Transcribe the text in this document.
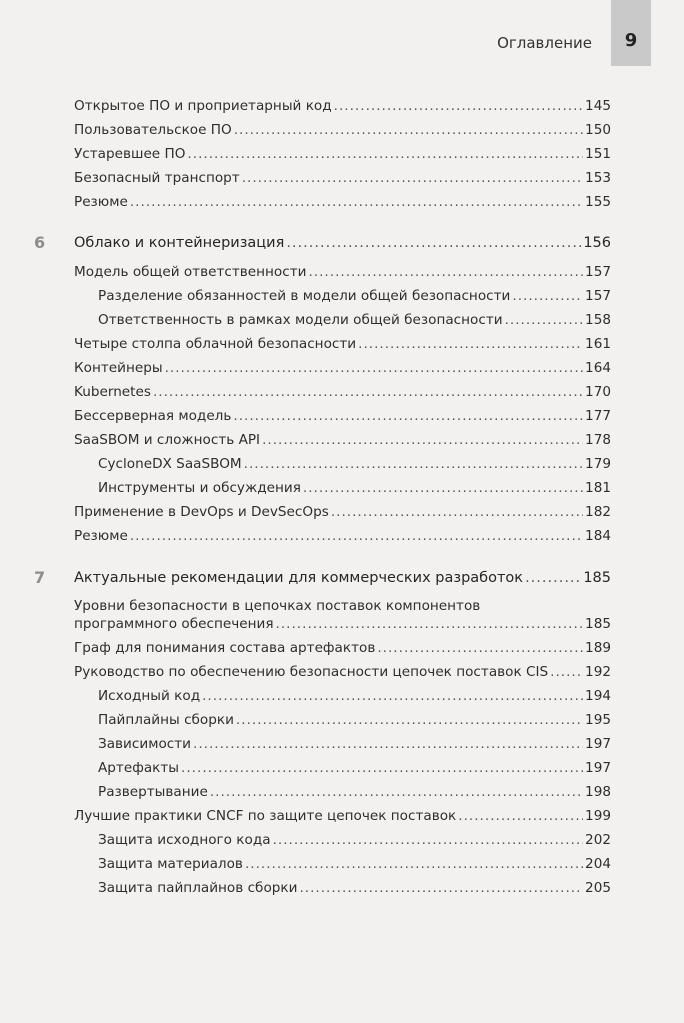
Оглавление 9
Открытое ПО и проприетарный код .....	145
Пользовательское ПО .....	150
Устаревшее ПО .....	151
Безопасный транспорт .....	153
Резюме .....	155
6 Облако и контейнеризация .....	156
Модель общей ответственности .....	157
Разделение обязанностей в модели общей безопасности .....	157
Ответственность в рамках модели общей безопасности .....	158
Четыре столпа облачной безопасности .....	161
Контейнеры .....	164
Kubernetes .....	170
Бессерверная модель .....	177
SaaSBOM и сложность API .....	178
CycloneDX SaaSBOM .....	179
Инструменты и обсуждения .....	181
Применение в DevOps и DevSecOps .....	182
Резюме .....	184
7 Актуальные рекомендации для коммерческих разработок .....	185
Уровни безопасности в цепочках поставок компонентов
программного обеспечения .....	185
Граф для понимания состава артефактов .....	189
Руководство по обеспечению безопасности цепочек поставок CIS .....	192
Исходный код .....	194
Пайплайны сборки .....	195
Зависимости .....	197
Артефакты .....	197
Развертывание .....	198
Лучшие практики CNCF по защите цепочек поставок .....	199
Защита исходного кода .....	202
Защита материалов .....	204
Защита пайплайнов сборки .....	205
